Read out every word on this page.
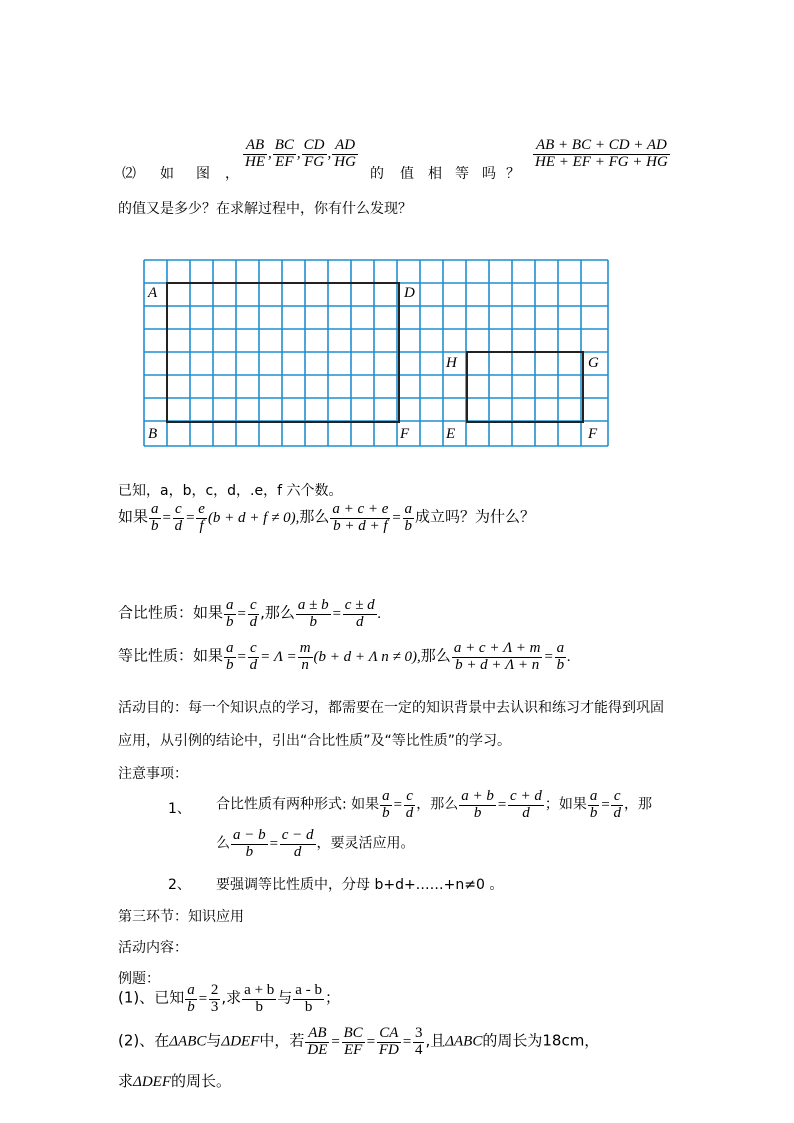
⑵ 如 图 ，
$\frac{AB}{HE}$ , $\frac{BC}{EF}$ , $\frac{CD}{FG}$ , $\frac{AD}{HG}$
的 值 相 等 吗 ？
$\frac{AB + BC + CD + AD}{HE + EF + FG + HG}$
的值又是多少？在求解过程中，你有什么发现？
A	D
B	F
H	G
E	F
已知，a，b，c，d，.e，f 六个数。
如果 $\frac{a}{b} = \frac{c}{d} = \frac{e}{f} (b + d + f \ne 0)$,那么 $\frac{a + c + e}{b + d + f} = \frac{a}{b}$ 成立吗？为什么？
合比性质：如果 $\frac{a}{b} = \frac{c}{d}$ ,那么 $\frac{a \pm b}{b} = \frac{c \pm d}{d}$ .
等比性质：如果 $\frac{a}{b} = \frac{c}{d} = \Lambda = \frac{m}{n} (b + d + \Lambda$ n ≠ 0),那么 $\frac{a + c + \Lambda + m}{b + d + \Lambda + n} = \frac{a}{b}$ .
活动目的：每一个知识点的学习，都需要在一定的知识背景中去认识和练习才能得到巩固
应用，从引例的结论中，引出“合比性质”及“等比性质”的学习。
注意事项：
1、 合比性质有两种形式: 如果 $\frac{a}{b} = \frac{c}{d}$ ，那么 $\frac{a + b}{b} = \frac{c + d}{d}$ ；如果 $\frac{a}{b} = \frac{c}{d}$ ，那
么 $\frac{a - b}{b} = \frac{c - d}{d}$ ，要灵活应用。
2、 要强调等比性质中，分母 b+d+……+n≠0 。
第三环节：知识应用
活动内容：
例题：
(1)、已知 $\frac{a}{b} = \frac{2}{3}$ ,求 $\frac{a + b}{b}$ 与 $\frac{a - b}{b}$ ；
(2)、在ΔABC与ΔDEF中，若 $\frac{AB}{DE} = \frac{BC}{EF} = \frac{CA}{FD} = \frac{3}{4}$ ,且ΔABC的周长为18cm，
求ΔDEF的周长。
